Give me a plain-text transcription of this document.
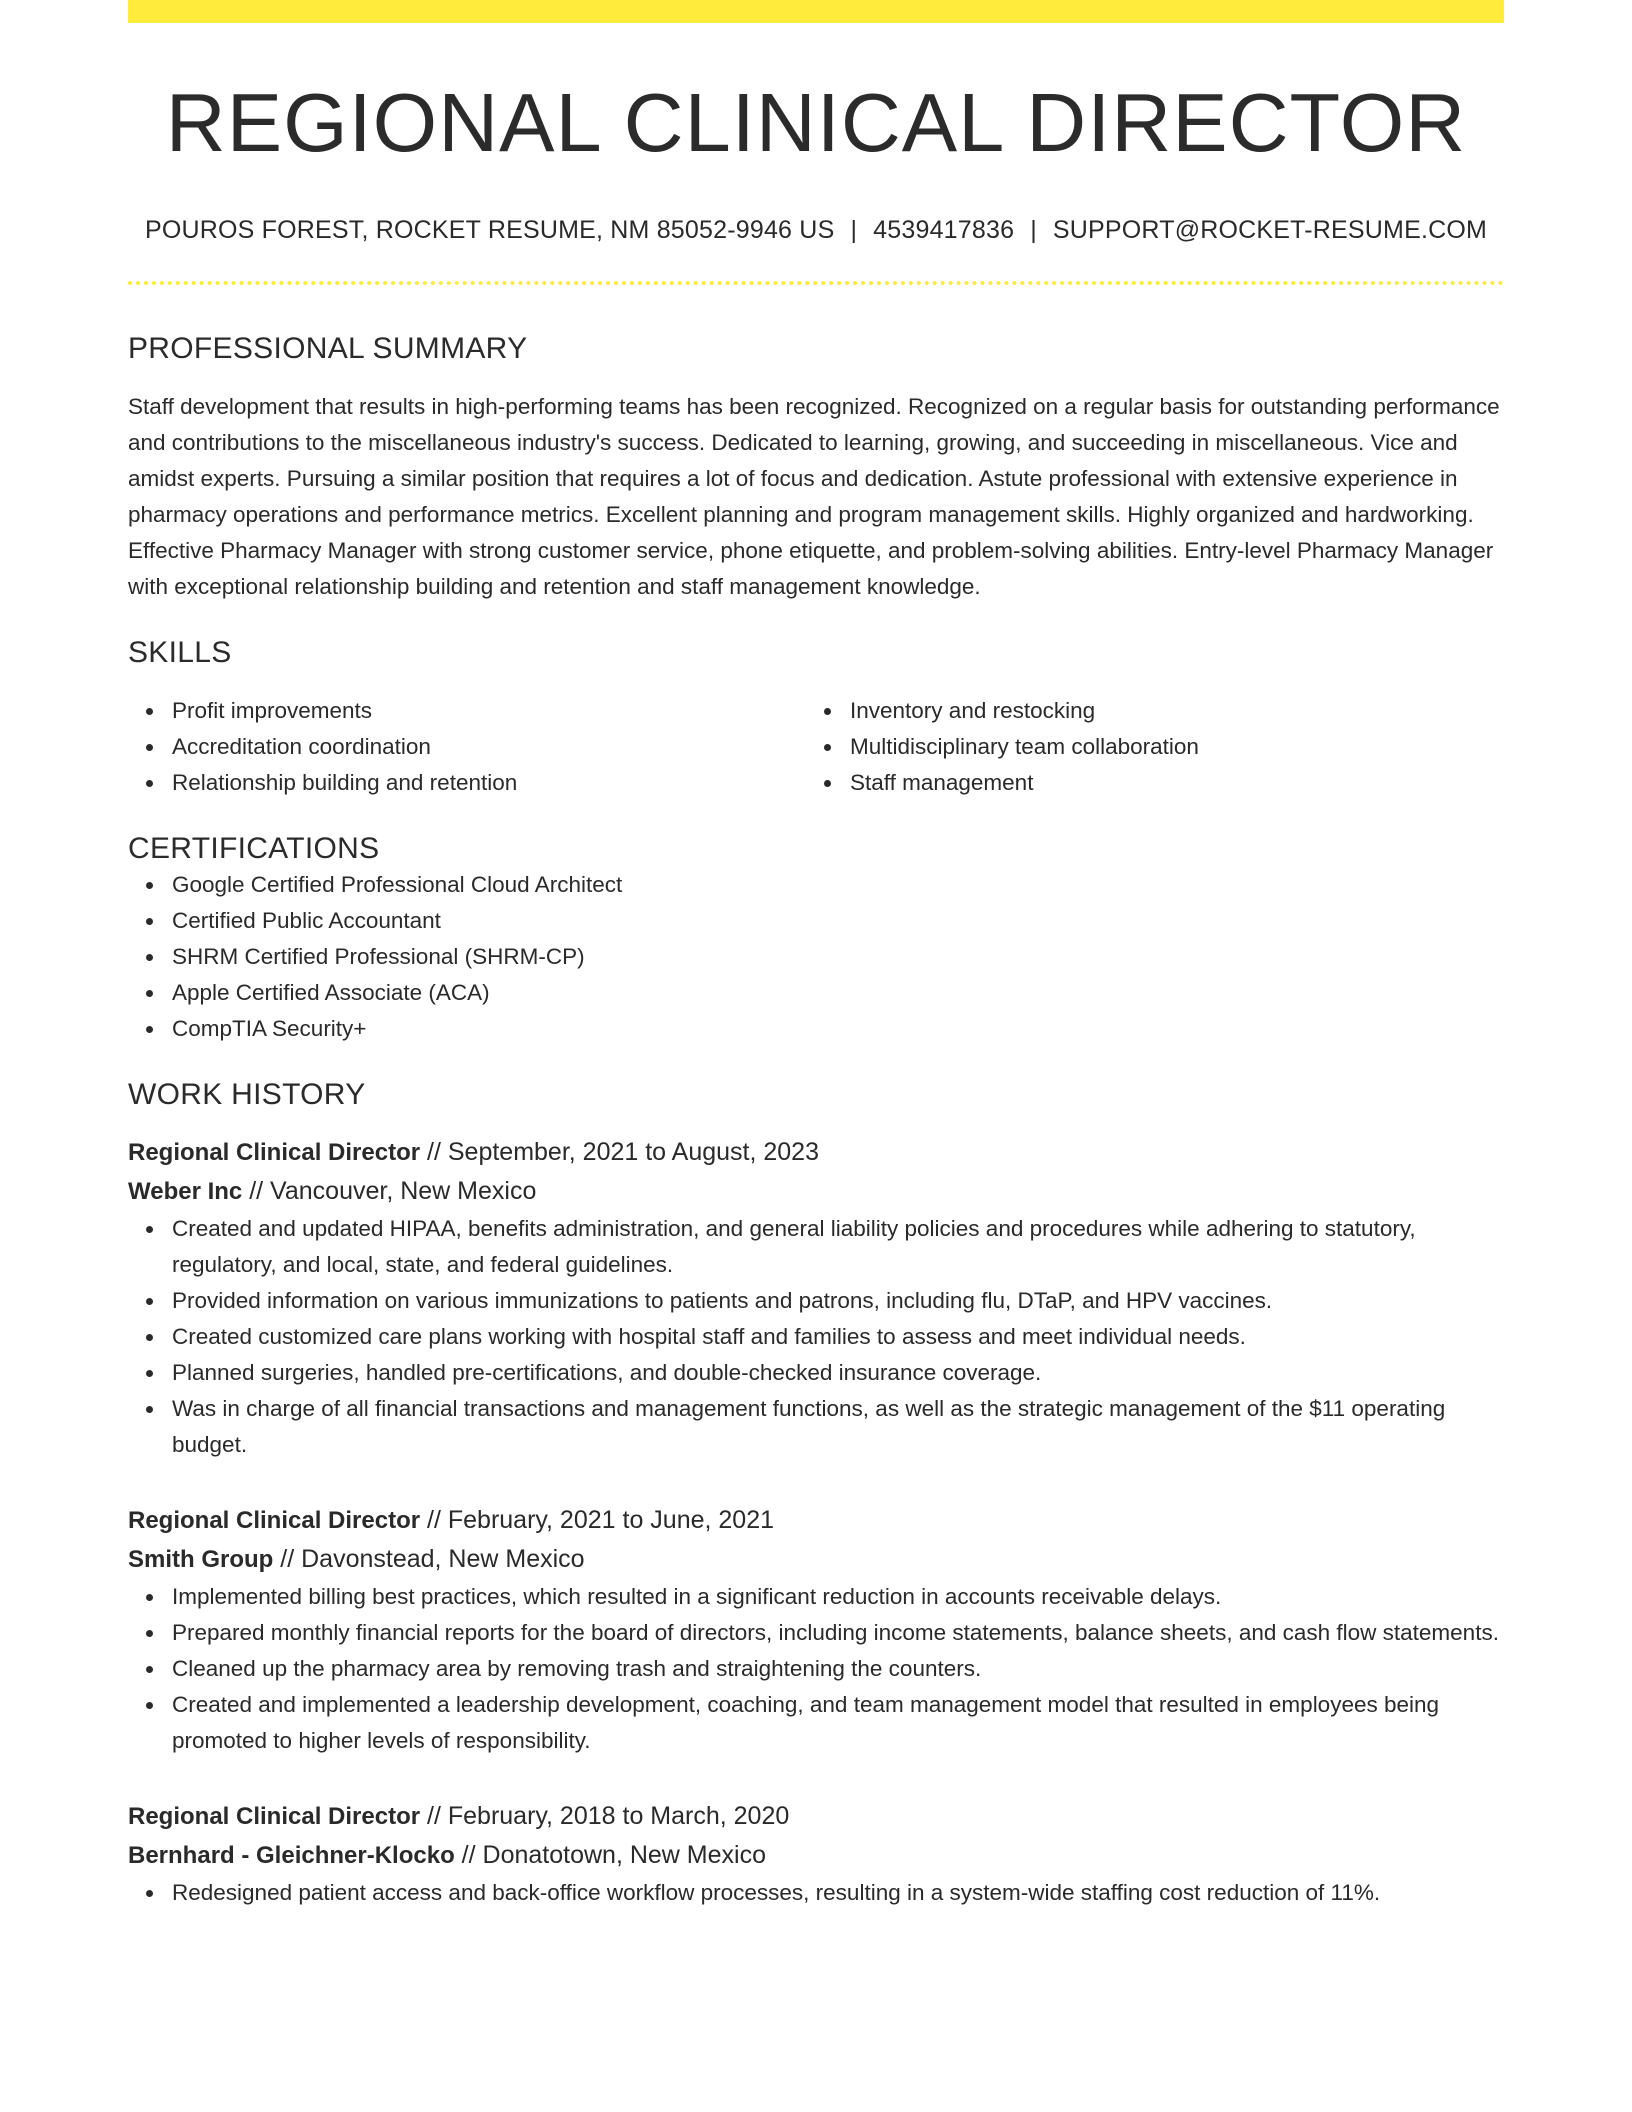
REGIONAL CLINICAL DIRECTOR
POUROS FOREST, ROCKET RESUME, NM 85052-9946 US | 4539417836 | SUPPORT@ROCKET-RESUME.COM
PROFESSIONAL SUMMARY

Staff development that results in high-performing teams has been recognized. Recognized on a regular basis for outstanding performance and contributions to the miscellaneous industry's success. Dedicated to learning, growing, and succeeding in miscellaneous. Vice and amidst experts. Pursuing a similar position that requires a lot of focus and dedication. Astute professional with extensive experience in pharmacy operations and performance metrics. Excellent planning and program management skills. Highly organized and hardworking. Effective Pharmacy Manager with strong customer service, phone etiquette, and problem-solving abilities. Entry-level Pharmacy Manager with exceptional relationship building and retention and staff management knowledge.

SKILLS
Profit improvements
Accreditation coordination
Relationship building and retention
Inventory and restocking
Multidisciplinary team collaboration
Staff management
CERTIFICATIONS
Google Certified Professional Cloud Architect
Certified Public Accountant
SHRM Certified Professional (SHRM-CP)
Apple Certified Associate (ACA)
CompTIA Security+
WORK HISTORY
Regional Clinical Director // September, 2021 to August, 2023
Weber Inc // Vancouver, New Mexico
Created and updated HIPAA, benefits administration, and general liability policies and procedures while adhering to statutory, regulatory, and local, state, and federal guidelines.
Provided information on various immunizations to patients and patrons, including flu, DTaP, and HPV vaccines.
Created customized care plans working with hospital staff and families to assess and meet individual needs.
Planned surgeries, handled pre-certifications, and double-checked insurance coverage.
Was in charge of all financial transactions and management functions, as well as the strategic management of the $11 operating budget.
Regional Clinical Director // February, 2021 to June, 2021
Smith Group // Davonstead, New Mexico
Implemented billing best practices, which resulted in a significant reduction in accounts receivable delays.
Prepared monthly financial reports for the board of directors, including income statements, balance sheets, and cash flow statements.
Cleaned up the pharmacy area by removing trash and straightening the counters.
Created and implemented a leadership development, coaching, and team management model that resulted in employees being promoted to higher levels of responsibility.
Regional Clinical Director // February, 2018 to March, 2020
Bernhard - Gleichner-Klocko // Donatotown, New Mexico
Redesigned patient access and back-office workflow processes, resulting in a system-wide staffing cost reduction of 11%.
